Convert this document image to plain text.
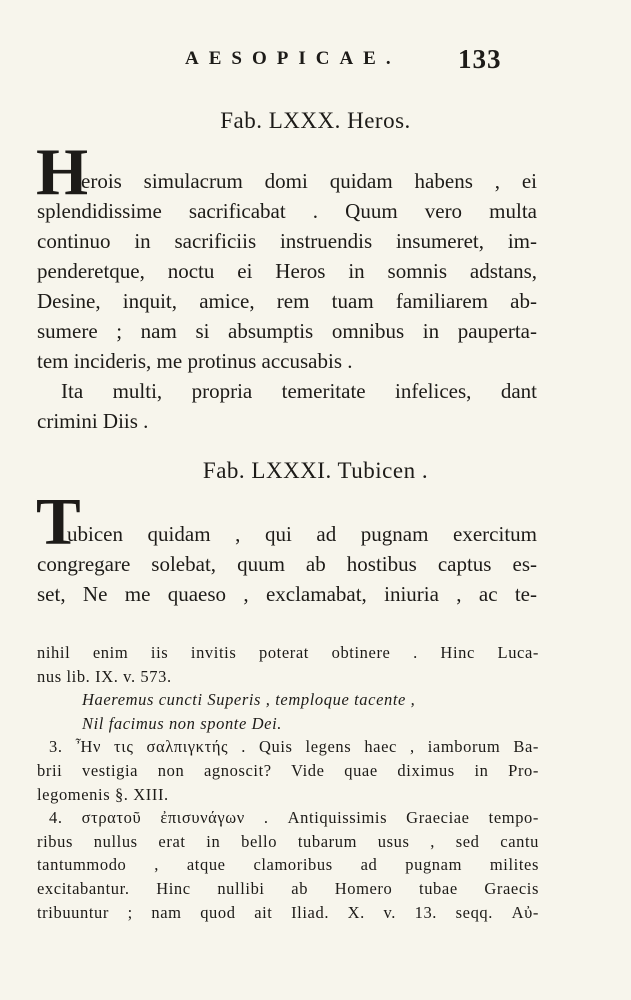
AESOPICAE. 133
Fab. LXXX. Heros.
H
erois simulacrum domi quidam habens , ei
splendidissime sacrificabat . Quum vero multa
continuo in sacrificiis instruendis insumeret, im-
penderetque, noctu ei Heros in somnis adstans,
Desine, inquit, amice, rem tuam familiarem ab-
sumere ; nam si absumptis omnibus in pauperta-
tem incideris, me protinus accusabis .
Ita multi, propria temeritate infelices, dant
crimini Diis .
Fab. LXXXI. Tubicen .
T
ubicen quidam , qui ad pugnam exercitum
congregare solebat, quum ab hostibus captus es-
set, Ne me quaeso , exclamabat, iniuria , ac te-
nihil enim iis invitis poterat obtinere . Hinc Luca-
nus lib. IX. v. 573.
Haeremus cuncti Superis , temploque tacente ,
Nil facimus non sponte Dei.
3. Ἦν τις σαλπιγκτής . Quis legens haec , iamborum Ba-
brii vestigia non agnoscit? Vide quae diximus in Pro-
legomenis §. XIII.
4. στρατοῦ ἐπισυνάγων . Antiquissimis Graeciae tempo-
ribus nullus erat in bello tubarum usus , sed cantu
tantummodo , atque clamoribus ad pugnam milites
excitabantur. Hinc nullibi ab Homero tubae Graecis
tribuuntur ; nam quod ait Iliad. X. v. 13. seqq. Αὐ-
